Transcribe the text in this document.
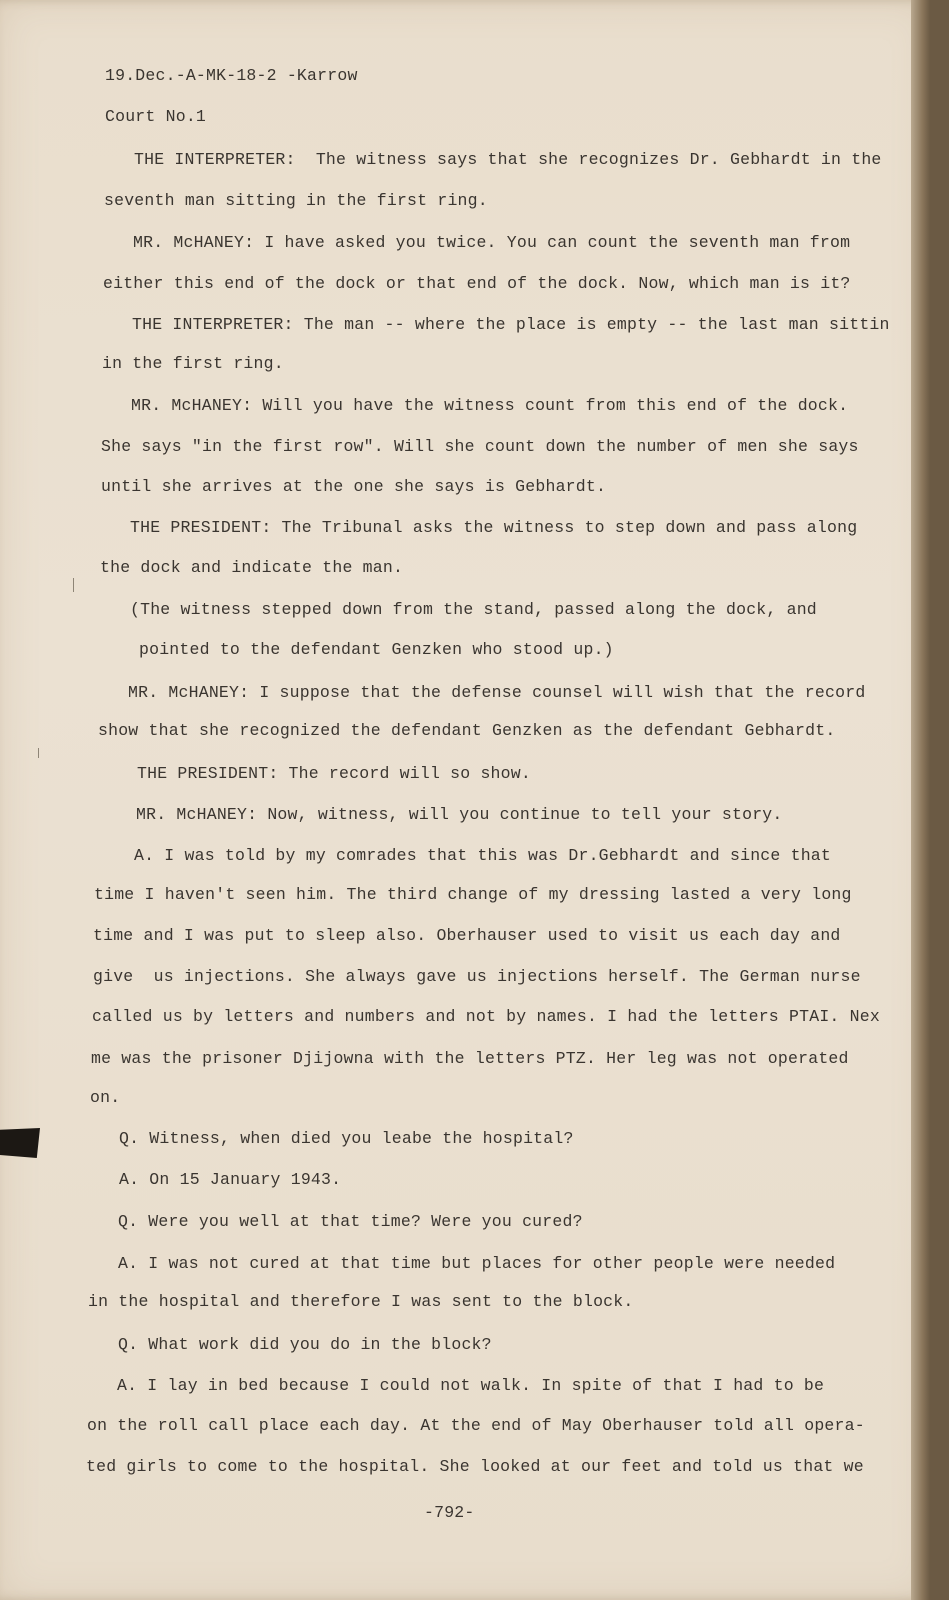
19.Dec.-A-MK-18-2 -Karrow
Court No.1
THE INTERPRETER:  The witness says that she recognizes Dr. Gebhardt in the
seventh man sitting in the first ring.
MR. McHANEY: I have asked you twice. You can count the seventh man from
either this end of the dock or that end of the dock. Now, which man is it?
THE INTERPRETER: The man -- where the place is empty -- the last man sittin
in the first ring.
MR. McHANEY: Will you have the witness count from this end of the dock.
She says "in the first row". Will she count down the number of men she says
until she arrives at the one she says is Gebhardt.
THE PRESIDENT: The Tribunal asks the witness to step down and pass along
the dock and indicate the man.
(The witness stepped down from the stand, passed along the dock, and
pointed to the defendant Genzken who stood up.)
MR. McHANEY: I suppose that the defense counsel will wish that the record
show that she recognized the defendant Genzken as the defendant Gebhardt.
THE PRESIDENT: The record will so show.
MR. McHANEY: Now, witness, will you continue to tell your story.
A. I was told by my comrades that this was Dr.Gebhardt and since that
time I haven't seen him. The third change of my dressing lasted a very long
time and I was put to sleep also. Oberhauser used to visit us each day and
give  us injections. She always gave us injections herself. The German nurse
called us by letters and numbers and not by names. I had the letters PTAI. Nex
me was the prisoner Djijowna with the letters PTZ. Her leg was not operated
on.
Q. Witness, when died you leabe the hospital?
A. On 15 January 1943.
Q. Were you well at that time? Were you cured?
A. I was not cured at that time but places for other people were needed
in the hospital and therefore I was sent to the block.
Q. What work did you do in the block?
A. I lay in bed because I could not walk. In spite of that I had to be
on the roll call place each day. At the end of May Oberhauser told all opera-
ted girls to come to the hospital. She looked at our feet and told us that we
-792-
